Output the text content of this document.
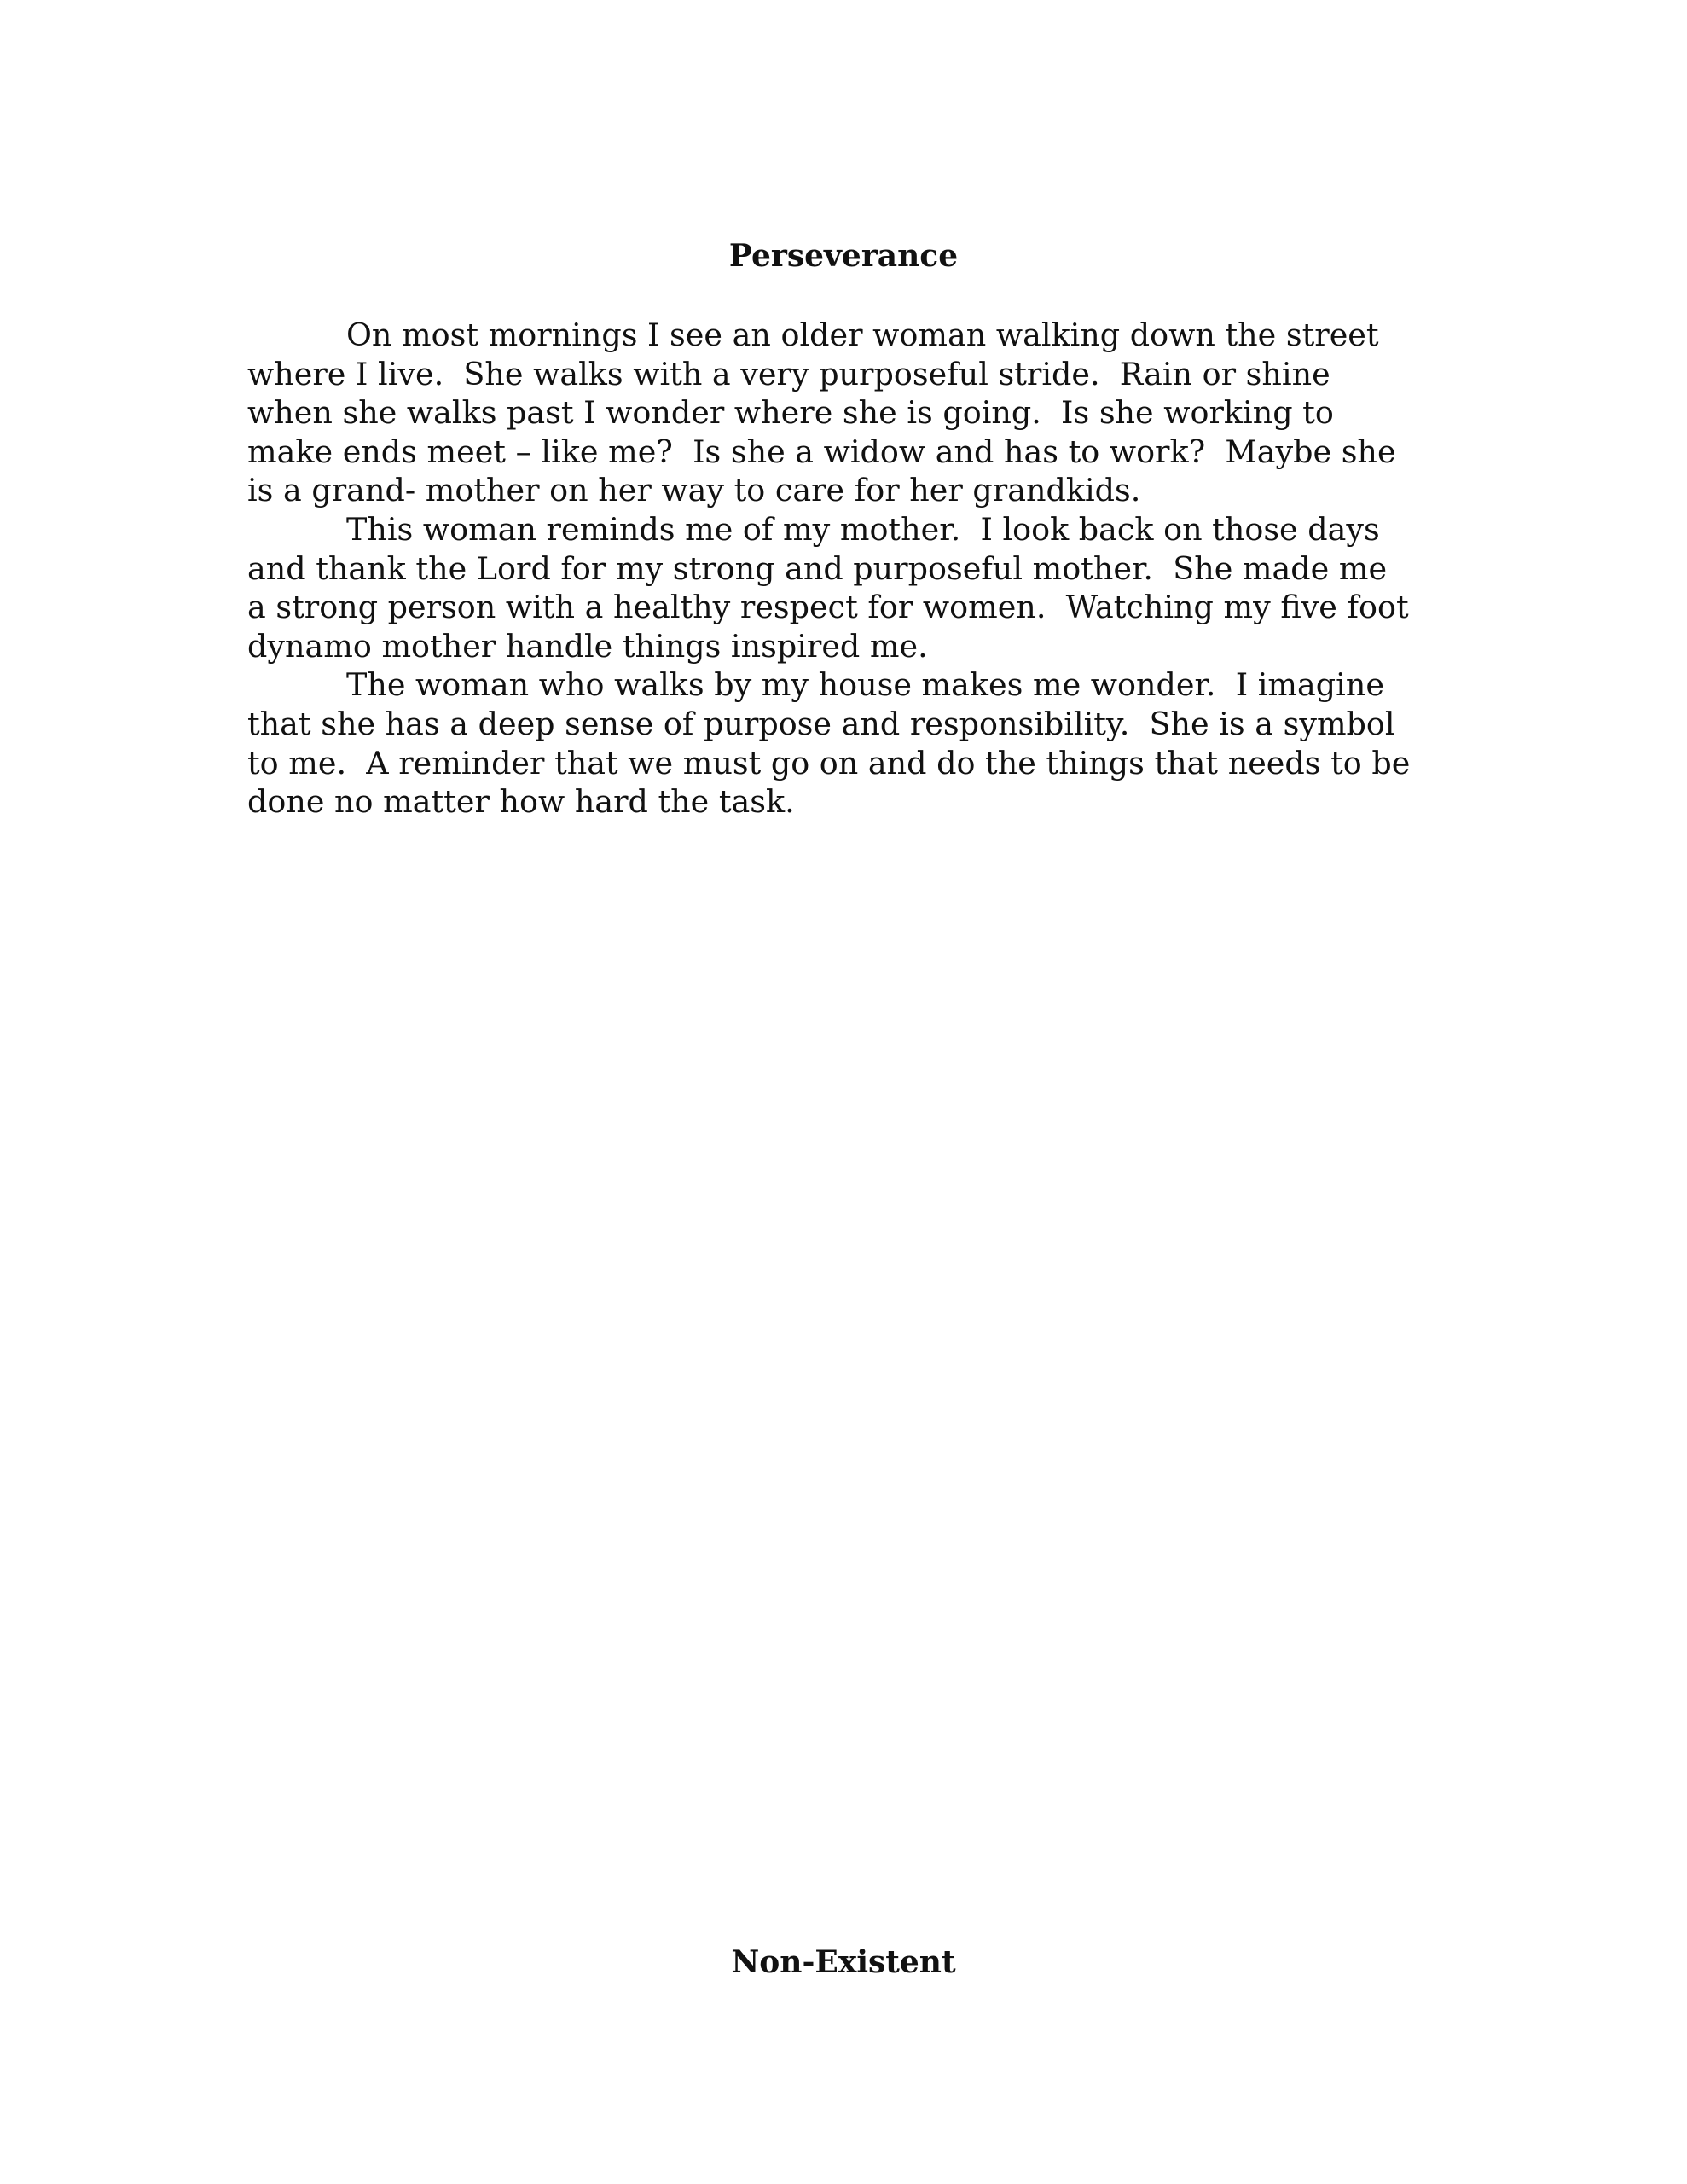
Perseverance
On most mornings I see an older woman walking down the street
where I live.  She walks with a very purposeful stride.  Rain or shine
when she walks past I wonder where she is going.  Is she working to
make ends meet – like me?  Is she a widow and has to work?  Maybe she
is a grand- mother on her way to care for her grandkids.
This woman reminds me of my mother.  I look back on those days
and thank the Lord for my strong and purposeful mother.  She made me
a strong person with a healthy respect for women.  Watching my five foot
dynamo mother handle things inspired me.
The woman who walks by my house makes me wonder.  I imagine
that she has a deep sense of purpose and responsibility.  She is a symbol
to me.  A reminder that we must go on and do the things that needs to be
done no matter how hard the task.
Non-Existent
